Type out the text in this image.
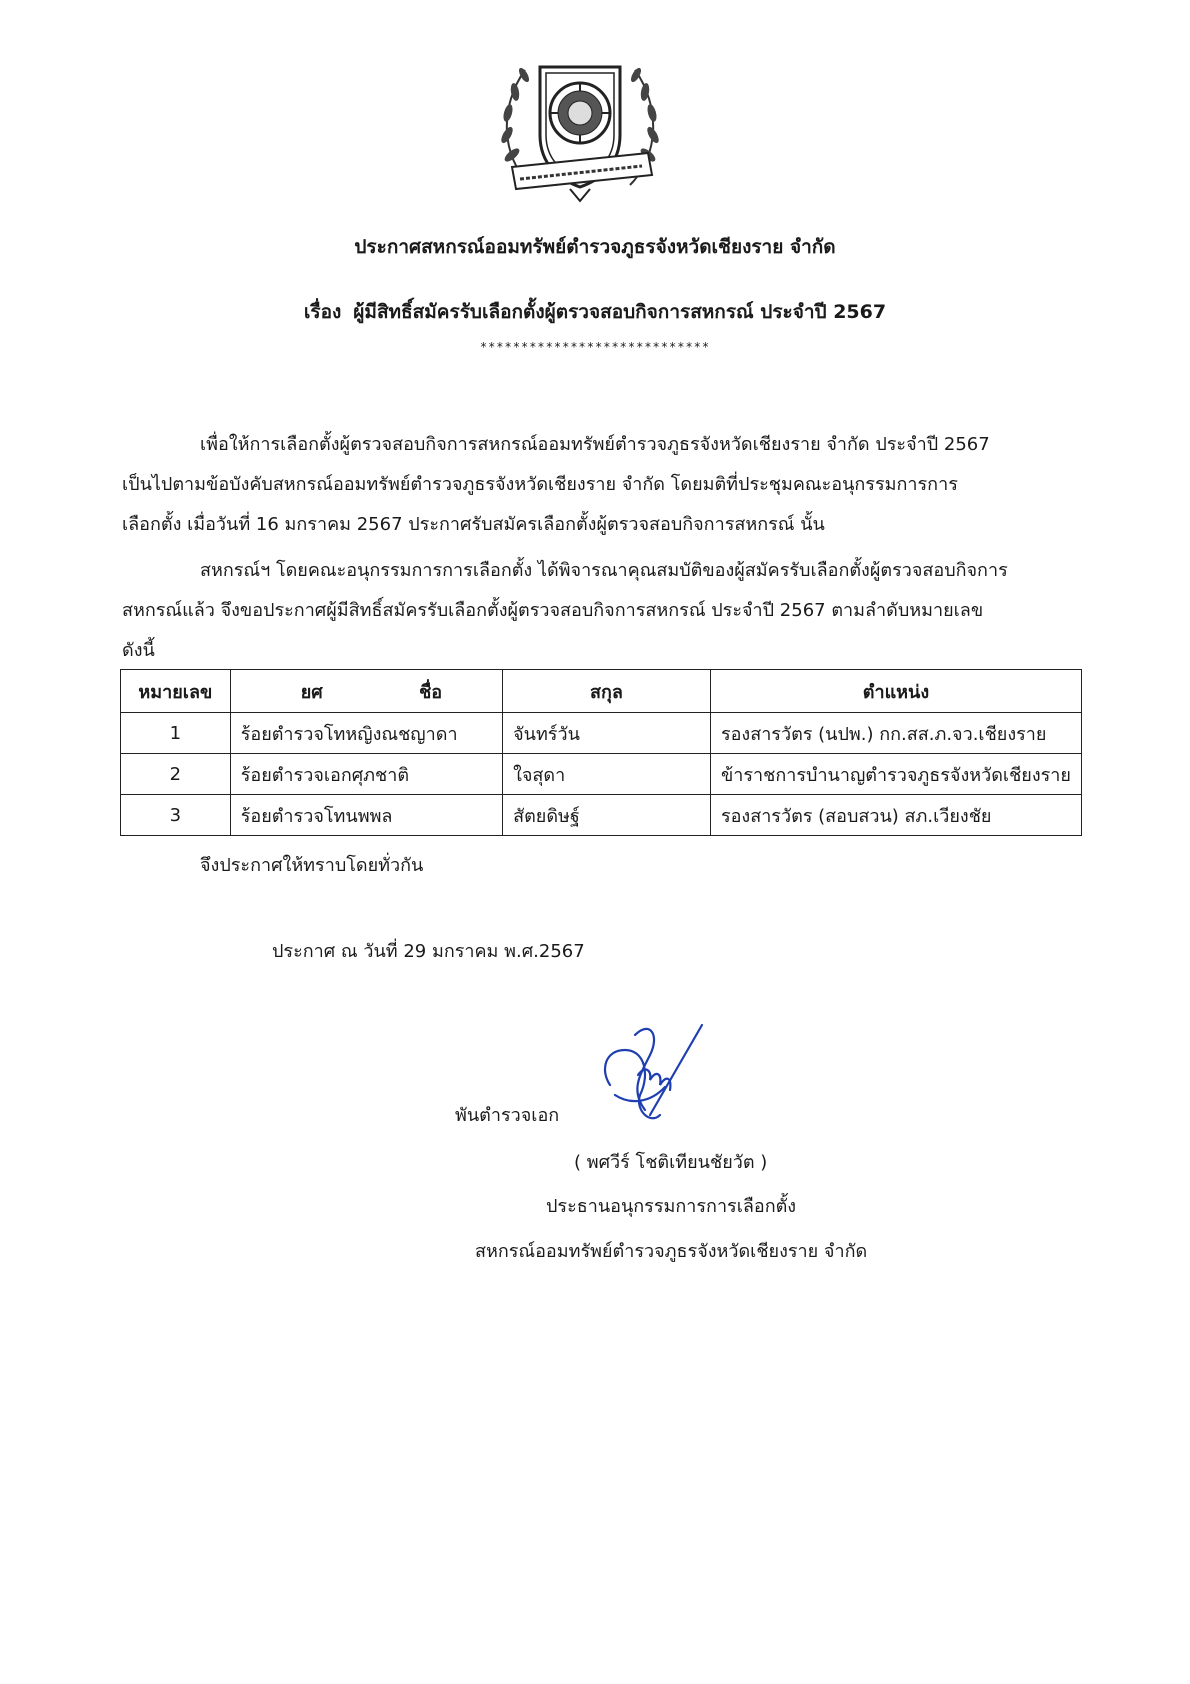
ประกาศสหกรณ์ออมทรัพย์ตำรวจภูธรจังหวัดเชียงราย จำกัด
เรื่อง ผู้มีสิทธิ์สมัครรับเลือกตั้งผู้ตรวจสอบกิจการสหกรณ์ ประจำปี 2567
****************************
เพื่อให้การเลือกตั้งผู้ตรวจสอบกิจการสหกรณ์ออมทรัพย์ตำรวจภูธรจังหวัดเชียงราย จำกัด ประจำปี 2567
เป็นไปตามข้อบังคับสหกรณ์ออมทรัพย์ตำรวจภูธรจังหวัดเชียงราย จำกัด โดยมติที่ประชุมคณะอนุกรรมการการ
เลือกตั้ง เมื่อวันที่ 16 มกราคม 2567 ประกาศรับสมัครเลือกตั้งผู้ตรวจสอบกิจการสหกรณ์ นั้น
สหกรณ์ฯ โดยคณะอนุกรรมการการเลือกตั้ง ได้พิจารณาคุณสมบัติของผู้สมัครรับเลือกตั้งผู้ตรวจสอบกิจการ
สหกรณ์แล้ว จึงขอประกาศผู้มีสิทธิ์สมัครรับเลือกตั้งผู้ตรวจสอบกิจการสหกรณ์ ประจำปี 2567 ตามลำดับหมายเลข
ดังนี้
หมายเลข	ยศ ชื่อ	สกุล	ตำแหน่ง
1	ร้อยตำรวจโทหญิงณชญาดา	จันทร์วัน	รองสารวัตร (นปพ.) กก.สส.ภ.จว.เชียงราย
2	ร้อยตำรวจเอกศุภชาติ	ใจสุดา	ข้าราชการบำนาญตำรวจภูธรจังหวัดเชียงราย
3	ร้อยตำรวจโทนพพล	สัตยดิษฐ์	รองสารวัตร (สอบสวน) สภ.เวียงชัย
จึงประกาศให้ทราบโดยทั่วกัน
ประกาศ ณ วันที่ 29 มกราคม พ.ศ.2567
พันตำรวจเอก
( พศวีร์ โชติเทียนชัยวัต )
ประธานอนุกรรมการการเลือกตั้ง
สหกรณ์ออมทรัพย์ตำรวจภูธรจังหวัดเชียงราย จำกัด
